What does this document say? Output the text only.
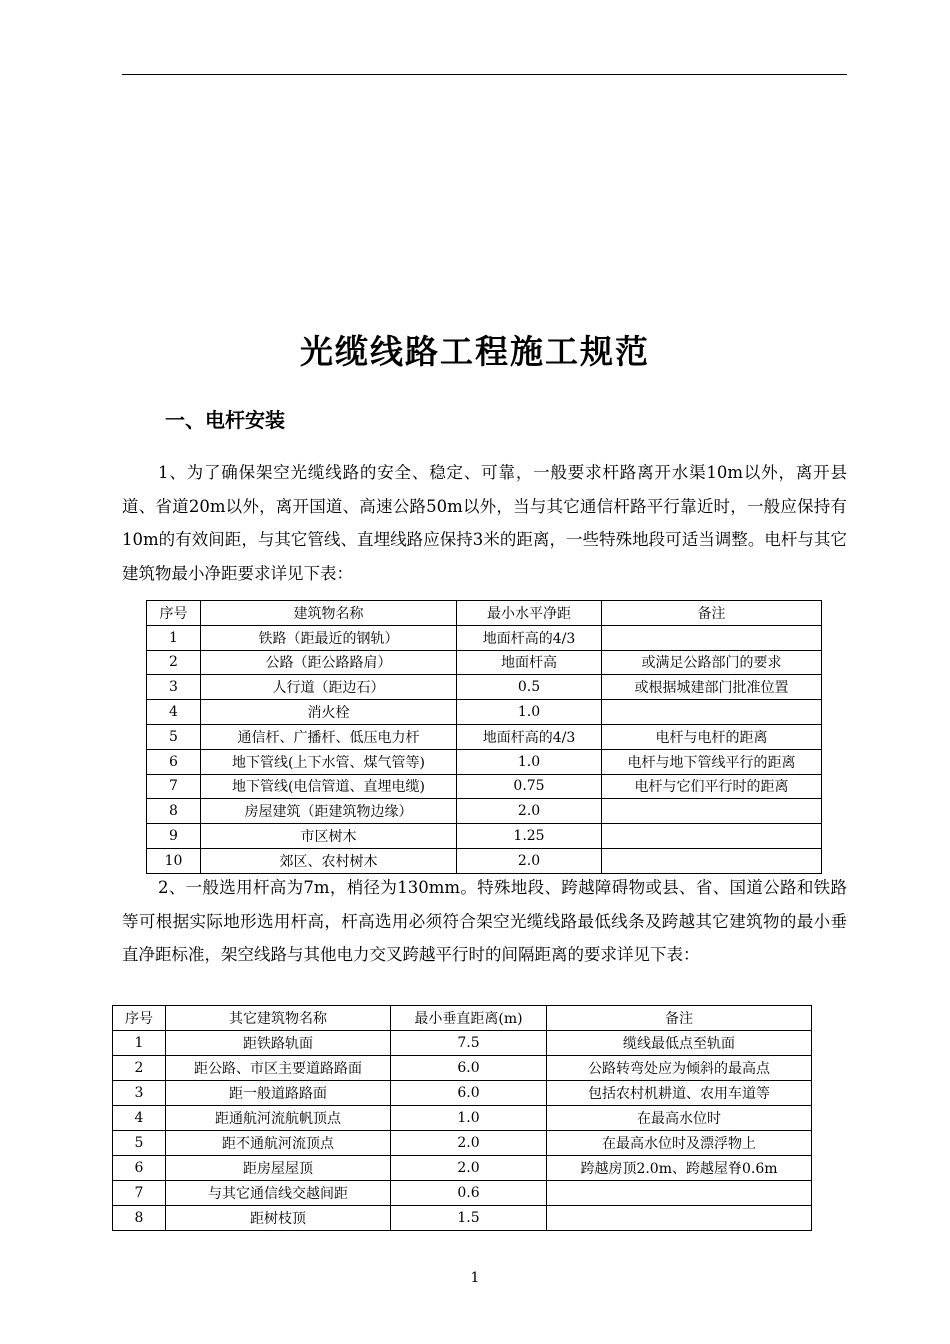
光缆线路工程施工规范
一、电杆安装

1、为了确保架空光缆线路的安全、稳定、可靠，一般要求杆路离开水渠10m以外，离开县道、省道20m以外，离开国道、高速公路50m以外，当与其它通信杆路平行靠近时，一般应保持有10m的有效间距，与其它管线、直埋线路应保持3米的距离，一些特殊地段可适当调整。电杆与其它建筑物最小净距要求详见下表：

序号	建筑物名称	最小水平净距	备注
1	铁路（距最近的钢轨）	地面杆高的4/3	
2	公路（距公路路肩）	地面杆高	或满足公路部门的要求
3	人行道（距边石）	0.5	或根据城建部门批准位置
4	消火栓	1.0	
5	通信杆、广播杆、低压电力杆	地面杆高的4/3	电杆与电杆的距离
6	地下管线(上下水管、煤气管等)	1.0	电杆与地下管线平行的距离
7	地下管线(电信管道、直埋电缆)	0.75	电杆与它们平行时的距离
8	房屋建筑（距建筑物边缘）	2.0	
9	市区树木	1.25	
10	郊区、农村树木	2.0	

2、一般选用杆高为7m，梢径为130mm。特殊地段、跨越障碍物或县、省、国道公路和铁路等可根据实际地形选用杆高，杆高选用必须符合架空光缆线路最低线条及跨越其它建筑物的最小垂直净距标准，架空线路与其他电力交叉跨越平行时的间隔距离的要求详见下表：

序号	其它建筑物名称	最小垂直距离(m)	备注
1	距铁路轨面	7.5	缆线最低点至轨面
2	距公路、市区主要道路路面	6.0	公路转弯处应为倾斜的最高点
3	距一般道路路面	6.0	包括农村机耕道、农用车道等
4	距通航河流航帆顶点	1.0	在最高水位时
5	距不通航河流顶点	2.0	在最高水位时及漂浮物上
6	距房屋屋顶	2.0	跨越房顶2.0m、跨越屋脊0.6m
7	与其它通信线交越间距	0.6	
8	距树枝顶	1.5	
1
